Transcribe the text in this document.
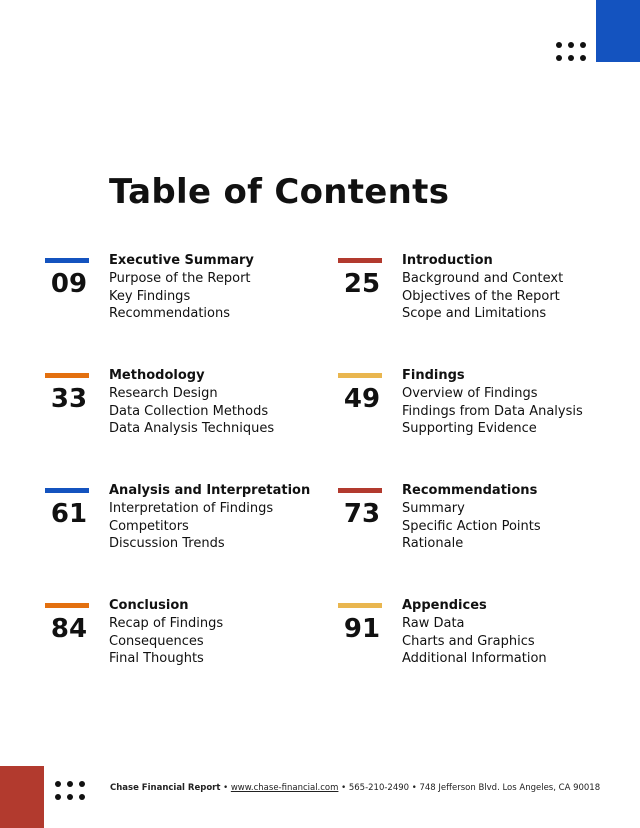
Table of Contents
09
Executive Summary
Purpose of the Report
Key Findings
Recommendations
25
Introduction
Background and Context
Objectives of the Report
Scope and Limitations
33
Methodology
Research Design
Data Collection Methods
Data Analysis Techniques
49
Findings
Overview of Findings
Findings from Data Analysis
Supporting Evidence
61
Analysis and Interpretation
Interpretation of Findings
Competitors
Discussion Trends
73
Recommendations
Summary
Specific Action Points
Rationale
84
Conclusion
Recap of Findings
Consequences
Final Thoughts
91
Appendices
Raw Data
Charts and Graphics
Additional Information
Chase Financial Report • www.chase-financial.com • 565-210-2490 • 748 Jefferson Blvd. Los Angeles, CA 90018
